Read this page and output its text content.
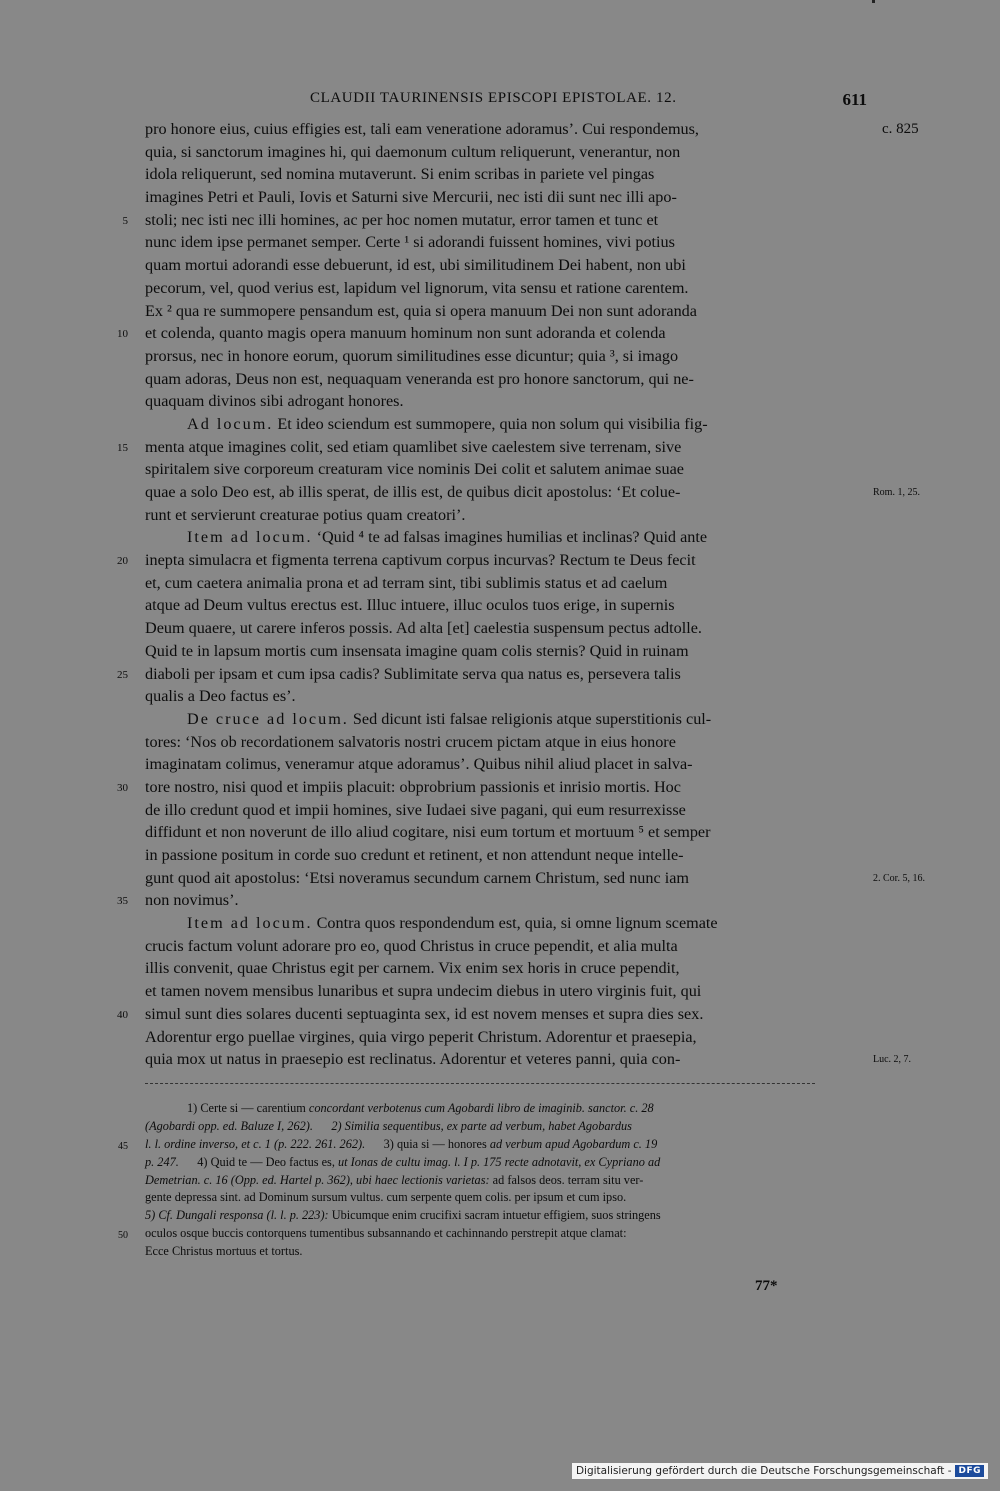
CLAUDII TAURINENSIS EPISCOPI EPISTOLAE. 12.	611
pro honore eius, cuius effigies est, tali eam veneratione adoramus’. Cui respondemus,	c. 825
quia, si sanctorum imagines hi, qui daemonum cultum reliquerunt, venerantur, non
idola reliquerunt, sed nomina mutaverunt. Si enim scribas in pariete vel pingas
imagines Petri et Pauli, Iovis et Saturni sive Mercurii, nec isti dii sunt nec illi apo-
stoli; nec isti nec illi homines, ac per hoc nomen mutatur, error tamen et tunc et
5
nunc idem ipse permanet semper. Certe ¹ si adorandi fuissent homines, vivi potius
quam mortui adorandi esse debuerunt, id est, ubi similitudinem Dei habent, non ubi
pecorum, vel, quod verius est, lapidum vel lignorum, vita sensu et ratione carentem.
Ex ² qua re summopere pensandum est, quia si opera manuum Dei non sunt adoranda
et colenda, quanto magis opera manuum hominum non sunt adoranda et colenda
10
prorsus, nec in honore eorum, quorum similitudines esse dicuntur; quia ³, si imago
quam adoras, Deus non est, nequaquam veneranda est pro honore sanctorum, qui ne-
quaquam divinos sibi adrogant honores.
Ad locum. Et ideo sciendum est summopere, quia non solum qui visibilia fig-
menta atque imagines colit, sed etiam quamlibet sive caelestem sive terrenam, sive
15
spiritalem sive corporeum creaturam vice nominis Dei colit et salutem animae suae
quae a solo Deo est, ab illis sperat, de illis est, de quibus dicit apostolus: ‘Et colue-	Rom. 1, 25.
runt et servierunt creaturae potius quam creatori’.
Item ad locum. ‘Quid ⁴ te ad falsas imagines humilias et inclinas? Quid ante
inepta simulacra et figmenta terrena captivum corpus incurvas? Rectum te Deus fecit
20
et, cum caetera animalia prona et ad terram sint, tibi sublimis status et ad caelum
atque ad Deum vultus erectus est. Illuc intuere, illuc oculos tuos erige, in supernis
Deum quaere, ut carere inferos possis. Ad alta [et] caelestia suspensum pectus adtolle.
Quid te in lapsum mortis cum insensata imagine quam colis sternis? Quid in ruinam
diaboli per ipsam et cum ipsa cadis? Sublimitate serva qua natus es, persevera talis
25
qualis a Deo factus es’.
De cruce ad locum. Sed dicunt isti falsae religionis atque superstitionis cul-
tores: ‘Nos ob recordationem salvatoris nostri crucem pictam atque in eius honore
imaginatam colimus, veneramur atque adoramus’. Quibus nihil aliud placet in salva-
tore nostro, nisi quod et impiis placuit: obprobrium passionis et inrisio mortis. Hoc
30
de illo credunt quod et impii homines, sive Iudaei sive pagani, qui eum resurrexisse
diffidunt et non noverunt de illo aliud cogitare, nisi eum tortum et mortuum ⁵ et semper
in passione positum in corde suo credunt et retinent, et non attendunt neque intelle-
gunt quod ait apostolus: ‘Etsi noveramus secundum carnem Christum, sed nunc iam	2. Cor. 5, 16.
non novimus’.
35
Item ad locum. Contra quos respondendum est, quia, si omne lignum scemate
crucis factum volunt adorare pro eo, quod Christus in cruce pependit, et alia multa
illis convenit, quae Christus egit per carnem. Vix enim sex horis in cruce pependit,
et tamen novem mensibus lunaribus et supra undecim diebus in utero virginis fuit, qui
simul sunt dies solares ducenti septuaginta sex, id est novem menses et supra dies sex.
40
Adorentur ergo puellae virgines, quia virgo peperit Christum. Adorentur et praesepia,
quia mox ut natus in praesepio est reclinatus. Adorentur et veteres panni, quia con-	Luc. 2, 7.
1) Certe si — carentium concordant verbotenus cum Agobardi libro de imaginib. sanctor. c. 28
(Agobardi opp. ed. Baluze I, 262).      2) Similia sequentibus, ex parte ad verbum, habet Agobardus
l. l. ordine inverso, et c. 1 (p. 222. 261. 262).      3) quia si — honores ad verbum apud Agobardum c. 19
45
p. 247.      4) Quid te — Deo factus es, ut Ionas de cultu imag. l. I p. 175 recte adnotavit, ex Cypriano ad
Demetrian. c. 16 (Opp. ed. Hartel p. 362), ubi haec lectionis varietas: ad falsos deos. terram situ ver-
gente depressa sint. ad Dominum sursum vultus. cum serpente quem colis. per ipsum et cum ipso.
5) Cf. Dungali responsa (l. l. p. 223): Ubicumque enim crucifixi sacram intuetur effigiem, suos stringens
oculos osque buccis contorquens tumentibus subsannando et cachinnando perstrepit atque clamat:
50
Ecce Christus mortuus et tortus.
77*
Digitalisierung gefördert durch die Deutsche Forschungsgemeinschaft - DFG
